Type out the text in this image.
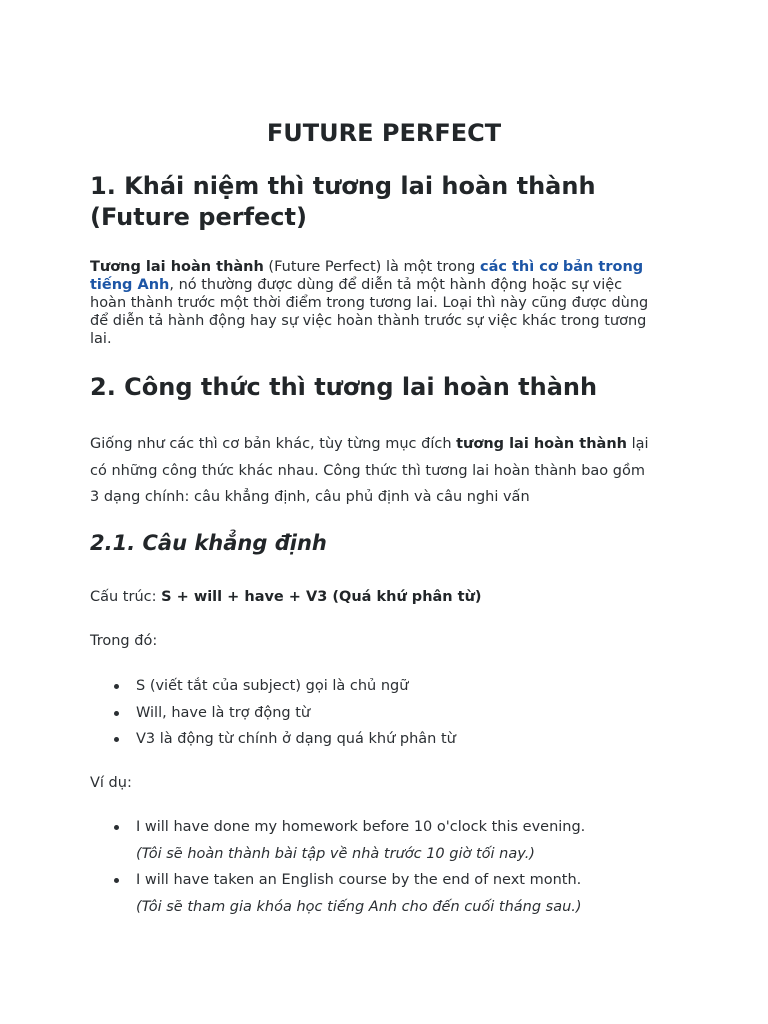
FUTURE PERFECT
1. Khái niệm thì tương lai hoàn thành
(Future perfect)

Tương lai hoàn thành (Future Perfect) là một trong các thì cơ bản trong
tiếng Anh, nó thường được dùng để diễn tả một hành động hoặc sự việc
hoàn thành trước một thời điểm trong tương lai. Loại thì này cũng được dùng
để diễn tả hành động hay sự việc hoàn thành trước sự việc khác trong tương
lai.

2. Công thức thì tương lai hoàn thành

Giống như các thì cơ bản khác, tùy từng mục đích tương lai hoàn thành lại
có những công thức khác nhau. Công thức thì tương lai hoàn thành bao gồm
3 dạng chính: câu khẳng định, câu phủ định và câu nghi vấn

2.1. Câu khẳng định

Cấu trúc: S + will + have + V3 (Quá khứ phân từ)

Trong đó:

S (viết tắt của subject) gọi là chủ ngữ
Will, have là trợ động từ
V3 là động từ chính ở dạng quá khứ phân từ

Ví dụ:

I will have done my homework before 10 o'clock this evening.
(Tôi sẽ hoàn thành bài tập về nhà trước 10 giờ tối nay.)
I will have taken an English course by the end of next month.
(Tôi sẽ tham gia khóa học tiếng Anh cho đến cuối tháng sau.)
